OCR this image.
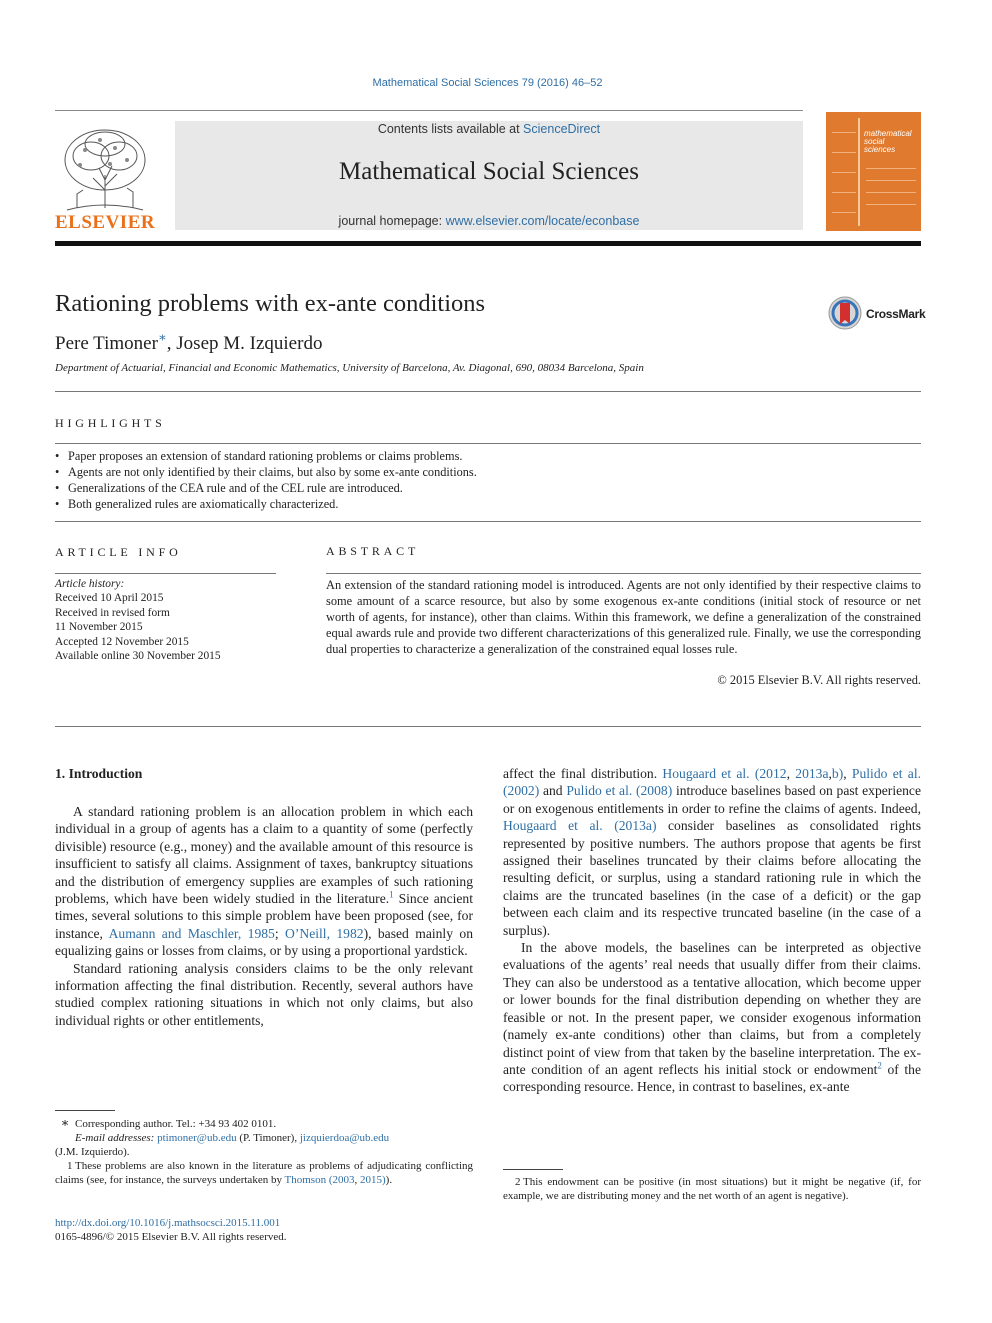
Mathematical Social Sciences 79 (2016) 46–52
ELSEVIER
Contents lists available at ScienceDirect
Mathematical Social Sciences
journal homepage: www.elsevier.com/locate/econbase
mathematical social sciences
Rationing problems with ex-ante conditions	CrossMark
Pere Timoner∗, Josep M. Izquierdo
Department of Actuarial, Financial and Economic Mathematics, University of Barcelona, Av. Diagonal, 690, 08034 Barcelona, Spain
HIGHLIGHTS
• Paper proposes an extension of standard rationing problems or claims problems.
• Agents are not only identified by their claims, but also by some ex-ante conditions.
• Generalizations of the CEA rule and of the CEL rule are introduced.
• Both generalized rules are axiomatically characterized.
ARTICLE INFO
Article history:
Received 10 April 2015
Received in revised form
11 November 2015
Accepted 12 November 2015
Available online 30 November 2015
ABSTRACT
An extension of the standard rationing model is introduced. Agents are not only identified by their respective claims to some amount of a scarce resource, but also by some exogenous ex-ante conditions (initial stock of resource or net worth of agents, for instance), other than claims. Within this framework, we define a generalization of the constrained equal awards rule and provide two different characterizations of this generalized rule. Finally, we use the corresponding dual properties to characterize a generalization of the constrained equal losses rule.
© 2015 Elsevier B.V. All rights reserved.
1. Introduction

A standard rationing problem is an allocation problem in which each individual in a group of agents has a claim to a quantity of some (perfectly divisible) resource (e.g., money) and the available amount of this resource is insufficient to satisfy all claims. Assignment of taxes, bankruptcy situations and the distribution of emergency supplies are examples of such rationing problems, which have been widely studied in the literature.$^1$ Since ancient times, several solutions to this simple problem have been proposed (see, for instance, Aumann and Maschler, 1985; O’Neill, 1982), based mainly on equalizing gains or losses from claims, or by using a proportional yardstick.

Standard rationing analysis considers claims to be the only relevant information affecting the final distribution. Recently, several authors have studied complex rationing situations in which not only claims, but also individual rights or other entitlements,

affect the final distribution. Hougaard et al. (2012, 2013a,b), Pulido et al. (2002) and Pulido et al. (2008) introduce baselines based on past experience or on exogenous entitlements in order to refine the claims of agents. Indeed, Hougaard et al. (2013a) consider baselines as consolidated rights represented by positive numbers. The authors propose that agents be first assigned their baselines truncated by their claims before allocating the resulting deficit, or surplus, using a standard rationing rule in which the claims are the truncated baselines (in the case of a deficit) or the gap between each claim and its respective truncated baseline (in the case of a surplus).

In the above models, the baselines can be interpreted as objective evaluations of the agents’ real needs that usually differ from their claims. They can also be understood as a tentative allocation, which become upper or lower bounds for the final distribution depending on whether they are feasible or not. In the present paper, we consider exogenous information (namely ex-ante conditions) other than claims, but from a completely distinct point of view from that taken by the baseline interpretation. The ex-ante condition of an agent reflects his initial stock or endowment$^2$ of the corresponding resource. Hence, in contrast to baselines, ex-ante

∗ Corresponding author. Tel.: +34 93 402 0101.
E-mail addresses: ptimoner@ub.edu (P. Timoner), jizquierdoa@ub.edu
(J.M. Izquierdo).
1 These problems are also known in the literature as problems of adjudicating conflicting claims (see, for instance, the surveys undertaken by Thomson (2003, 2015)).	2 This endowment can be positive (in most situations) but it might be negative (if, for example, we are distributing money and the net worth of an agent is negative).
http://dx.doi.org/10.1016/j.mathsocsci.2015.11.001
0165-4896/© 2015 Elsevier B.V. All rights reserved.
